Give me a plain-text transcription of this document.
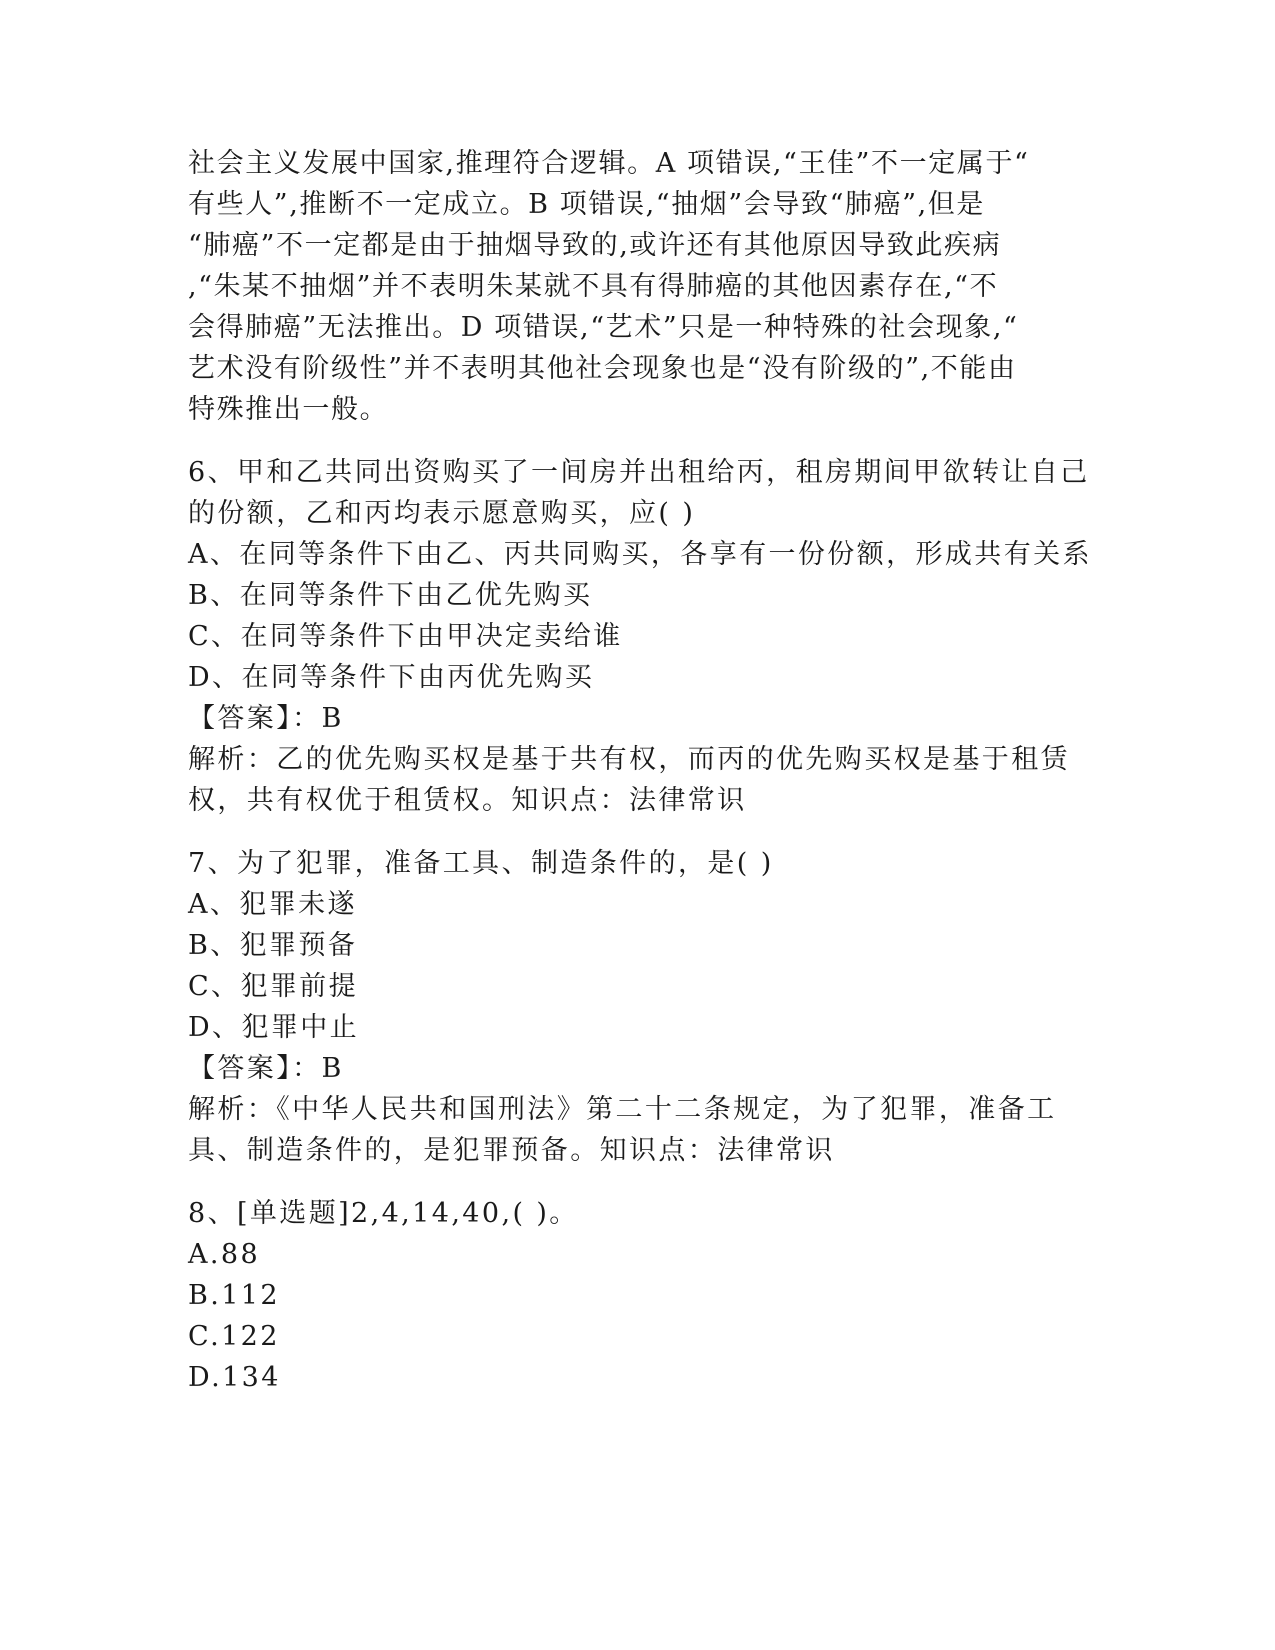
社会主义发展中国家,推理符合逻辑。A 项错误,“王佳”不一定属于“
有些人”,推断不一定成立。B 项错误,“抽烟”会导致“肺癌”,但是
“肺癌”不一定都是由于抽烟导致的,或许还有其他原因导致此疾病
,“朱某不抽烟”并不表明朱某就不具有得肺癌的其他因素存在,“不
会得肺癌”无法推出。D 项错误,“艺术”只是一种特殊的社会现象,“
艺术没有阶级性”并不表明其他社会现象也是“没有阶级的”,不能由
特殊推出一般。
6、甲和乙共同出资购买了一间房并出租给丙，租房期间甲欲转让自己
的份额，乙和丙均表示愿意购买，应( )
A、在同等条件下由乙、丙共同购买，各享有一份份额，形成共有关系
B、在同等条件下由乙优先购买
C、在同等条件下由甲决定卖给谁
D、在同等条件下由丙优先购买
【答案】：B
解析：乙的优先购买权是基于共有权，而丙的优先购买权是基于租赁
权，共有权优于租赁权。知识点：法律常识
7、为了犯罪，准备工具、制造条件的，是( )
A、犯罪未遂
B、犯罪预备
C、犯罪前提
D、犯罪中止
【答案】：B
解析：《中华人民共和国刑法》第二十二条规定，为了犯罪，准备工
具、制造条件的，是犯罪预备。知识点：法律常识
8、[单选题]2,4,14,40,( )。
A.88
B.112
C.122
D.134
